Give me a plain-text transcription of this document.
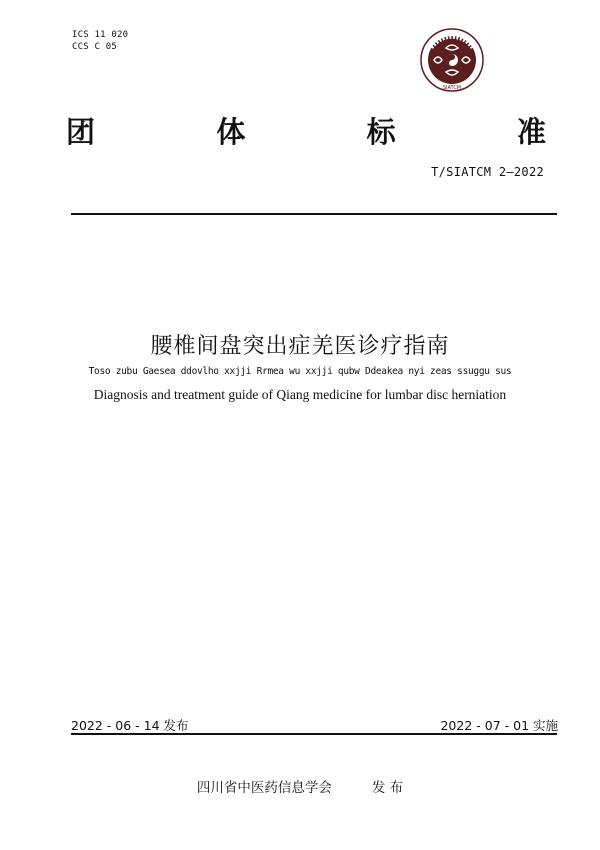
ICS 11 020
CCS C 05
SIATCM
团	体	标	准
T/SIATCM 2—2022
腰椎间盘突出症羌医诊疗指南
Toso zubu Gaesea ddovlho xxjji Rrmea wu xxjji qubw Ddeakea nyi zeas ssuggu sus
Diagnosis and treatment guide of Qiang medicine for lumbar disc herniation
2022 - 06 - 14 发布	2022 - 07 - 01 实施
四川省中医药信息学会	发 布
